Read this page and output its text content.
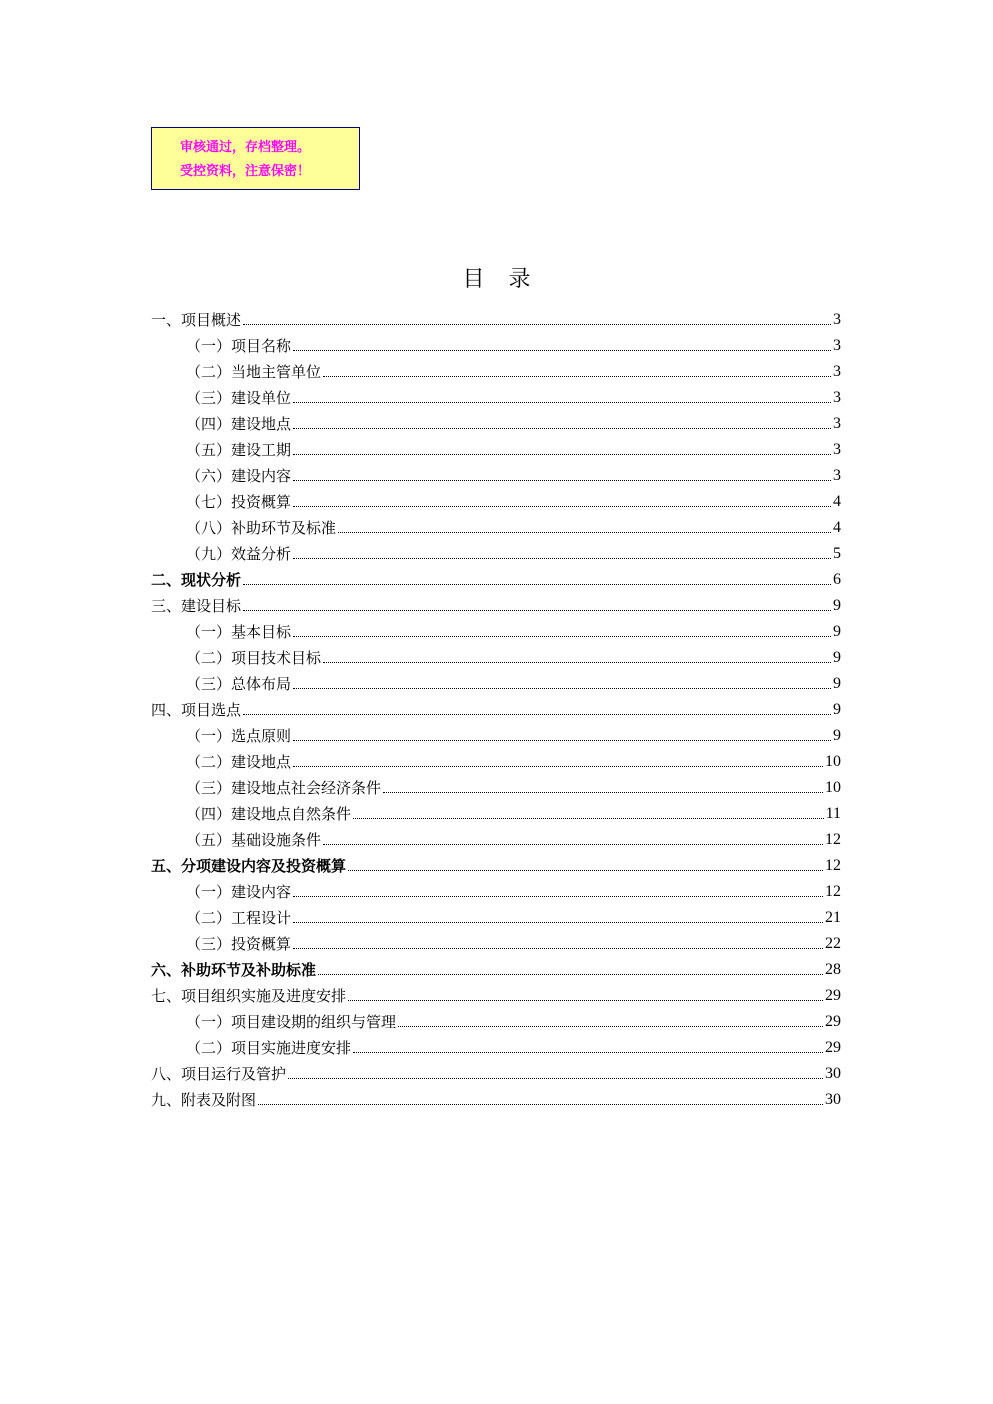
审核通过，存档整理。
受控资料，注意保密！
目录
一、项目概述	3
（一）项目名称	3
（二）当地主管单位	3
（三）建设单位	3
（四）建设地点	3
（五）建设工期	3
（六）建设内容	3
（七）投资概算	4
（八）补助环节及标准	4
（九）效益分析	5
二、现状分析	6
三、建设目标	9
（一）基本目标	9
（二）项目技术目标	9
（三）总体布局	9
四、项目选点	9
（一）选点原则	9
（二）建设地点	10
（三）建设地点社会经济条件	10
（四）建设地点自然条件	11
（五）基础设施条件	12
五、分项建设内容及投资概算	12
（一）建设内容	12
（二）工程设计	21
（三）投资概算	22
六、补助环节及补助标准	28
七、项目组织实施及进度安排	29
（一）项目建设期的组织与管理	29
（二）项目实施进度安排	29
八、项目运行及管护	30
九、附表及附图	30
